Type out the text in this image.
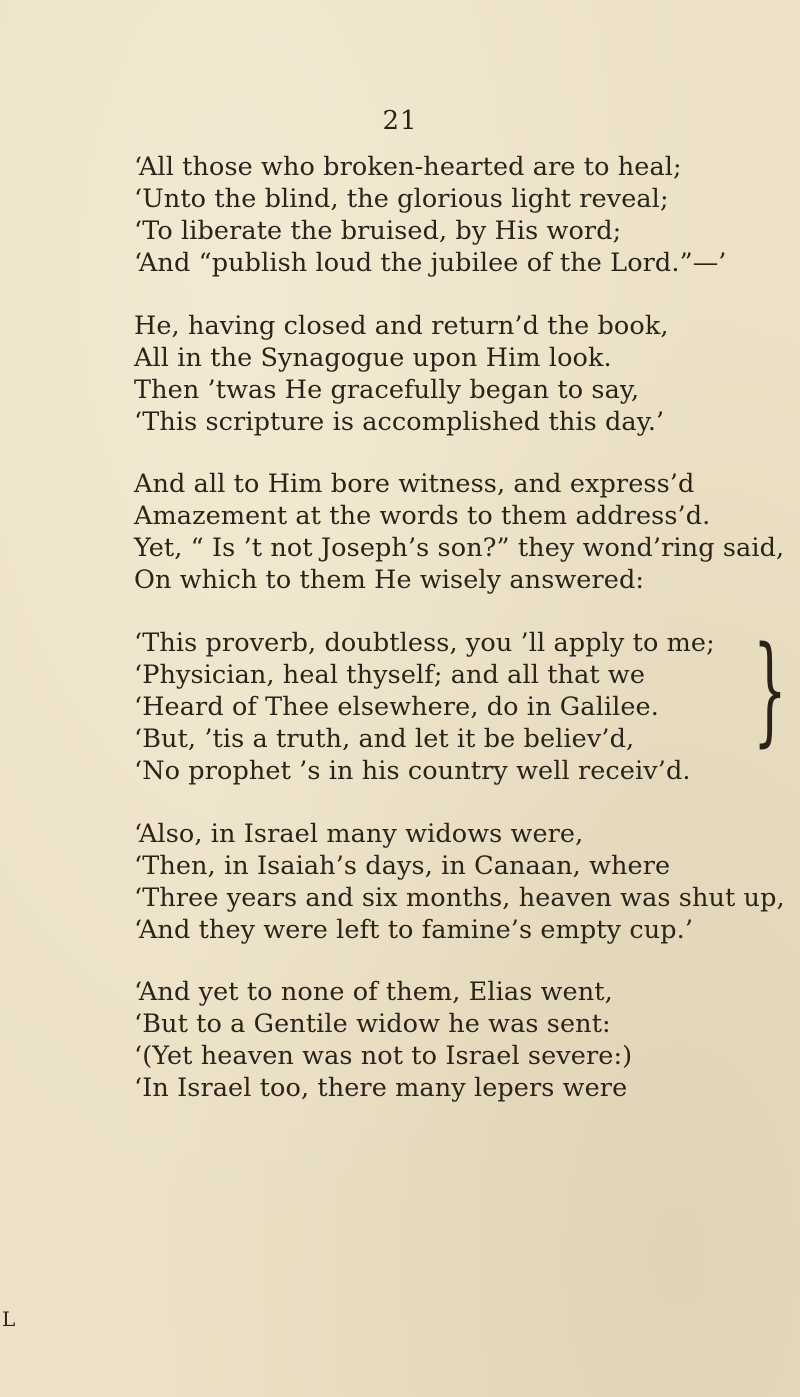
21
‘All those who broken-hearted are to heal;
‘Unto the blind, the glorious light reveal;
‘To liberate the bruised, by His word;
‘And “publish loud the jubilee of the Lord.”—’
He, having closed and return’d the book,
All in the Synagogue upon Him look.
Then ’twas He gracefully began to say,
‘This scripture is accomplished this day.’
And all to Him bore witness, and express’d
Amazement at the words to them address’d.
Yet, “ Is ’t not Joseph’s son?” they wond’ring said,
On which to them He wisely answered:
‘This proverb, doubtless, you ’ll apply to me;
‘Physician, heal thyself; and all that we
‘Heard of Thee elsewhere, do in Galilee.
‘But, ’tis a truth, and let it be believ’d,
‘No prophet ’s in his country well receiv’d.
}
‘Also, in Israel many widows were,
‘Then, in Isaiah’s days, in Canaan, where
‘Three years and six months, heaven was shut up,
‘And they were left to famine’s empty cup.’
‘And yet to none of them, Elias went,
‘But to a Gentile widow he was sent:
‘(Yet heaven was not to Israel severe:)
‘In Israel too, there many lepers were
L
